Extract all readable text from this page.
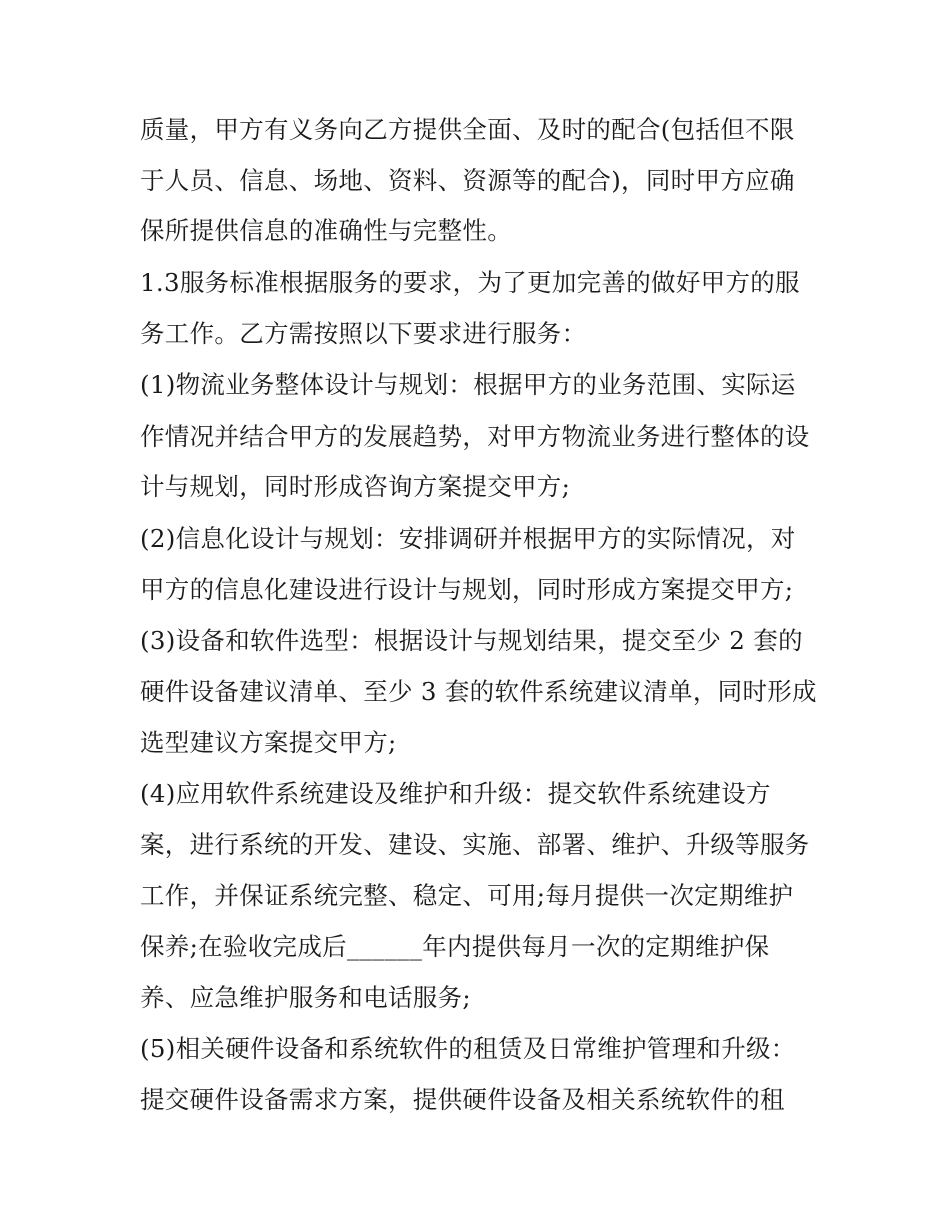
质量，甲方有义务向乙方提供全面、及时的配合(包括但不限
于人员、信息、场地、资料、资源等的配合)，同时甲方应确
保所提供信息的准确性与完整性。
1.3服务标准根据服务的要求，为了更加完善的做好甲方的服
务工作。乙方需按照以下要求进行服务：
(1)物流业务整体设计与规划：根据甲方的业务范围、实际运
作情况并结合甲方的发展趋势，对甲方物流业务进行整体的设
计与规划，同时形成咨询方案提交甲方;
(2)信息化设计与规划：安排调研并根据甲方的实际情况，对
甲方的信息化建设进行设计与规划，同时形成方案提交甲方;
(3)设备和软件选型：根据设计与规划结果，提交至少 2 套的
硬件设备建议清单、至少 3 套的软件系统建议清单，同时形成
选型建议方案提交甲方;
(4)应用软件系统建设及维护和升级：提交软件系统建设方
案，进行系统的开发、建设、实施、部署、维护、升级等服务
工作，并保证系统完整、稳定、可用;每月提供一次定期维护
保养;在验收完成后______年内提供每月一次的定期维护保
养、应急维护服务和电话服务;
(5)相关硬件设备和系统软件的租赁及日常维护管理和升级：
提交硬件设备需求方案，提供硬件设备及相关系统软件的租
